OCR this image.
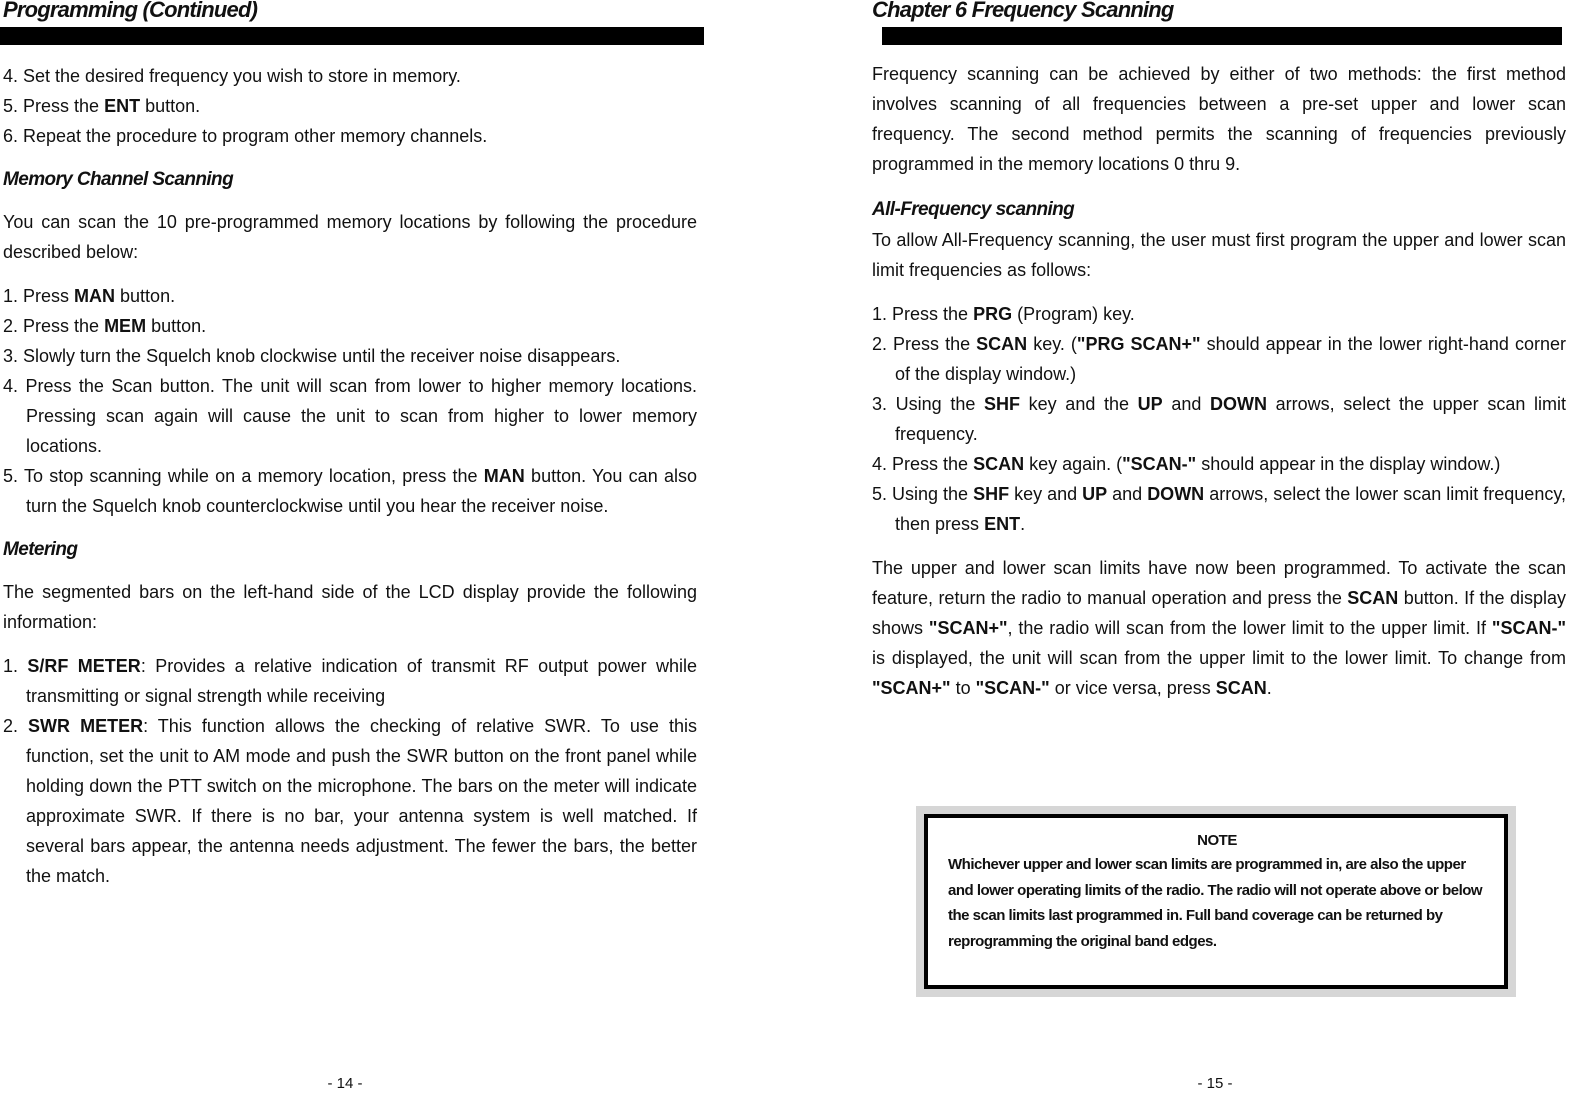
Programming (Continued)
4. Set the desired frequency you wish to store in memory.
5. Press the ENT button.
6. Repeat the procedure to program other memory channels.
Memory Channel Scanning

You can scan the 10 pre-programmed memory locations by following the procedure described below:

1. Press MAN button.
2. Press the MEM button.
3. Slowly turn the Squelch knob clockwise until the receiver noise disappears.
4. Press the Scan button. The unit will scan from lower to higher memory locations. Pressing scan again will cause the unit to scan from higher to lower memory locations.
5. To stop scanning while on a memory location, press the MAN button. You can also turn the Squelch knob counterclockwise until you hear the receiver noise.
Metering

The segmented bars on the left-hand side of the LCD display provide the following information:

1. S/RF METER: Provides a relative indication of transmit RF output power while transmitting or signal strength while receiving
2. SWR METER: This function allows the checking of relative SWR. To use this function, set the unit to AM mode and push the SWR button on the front panel while holding down the PTT switch on the microphone. The bars on the meter will indicate approximate SWR. If there is no bar, your antenna system is well matched. If several bars appear, the antenna needs adjustment. The fewer the bars, the better the match.
- 14 -
Chapter 6 Frequency Scanning

Frequency scanning can be achieved by either of two methods: the first method involves scanning of all frequencies between a pre-set upper and lower scan frequency. The second method permits the scanning of frequencies previously programmed in the memory locations 0 thru 9.

All-Frequency scanning

To allow All-Frequency scanning, the user must first program the upper and lower scan limit frequencies as follows:

1. Press the PRG (Program) key.
2. Press the SCAN key. ("PRG SCAN+" should appear in the lower right-hand corner of the display window.)
3. Using the SHF key and the UP and DOWN arrows, select the upper scan limit frequency.
4. Press the SCAN key again. ("SCAN-" should appear in the display window.)
5. Using the SHF key and UP and DOWN arrows, select the lower scan limit frequency, then press ENT.

The upper and lower scan limits have now been programmed. To activate the scan feature, return the radio to manual operation and press the SCAN button. If the display shows "SCAN+", the radio will scan from the lower limit to the upper limit. If "SCAN-" is displayed, the unit will scan from the upper limit to the lower limit. To change from "SCAN+" to "SCAN-" or vice versa, press SCAN.

- 15 -
NOTE
Whichever upper and lower scan limits are programmed in, are also the upper and lower operating limits of the radio. The radio will not operate above or below the scan limits last programmed in. Full band coverage can be returned by reprogramming the original band edges.
